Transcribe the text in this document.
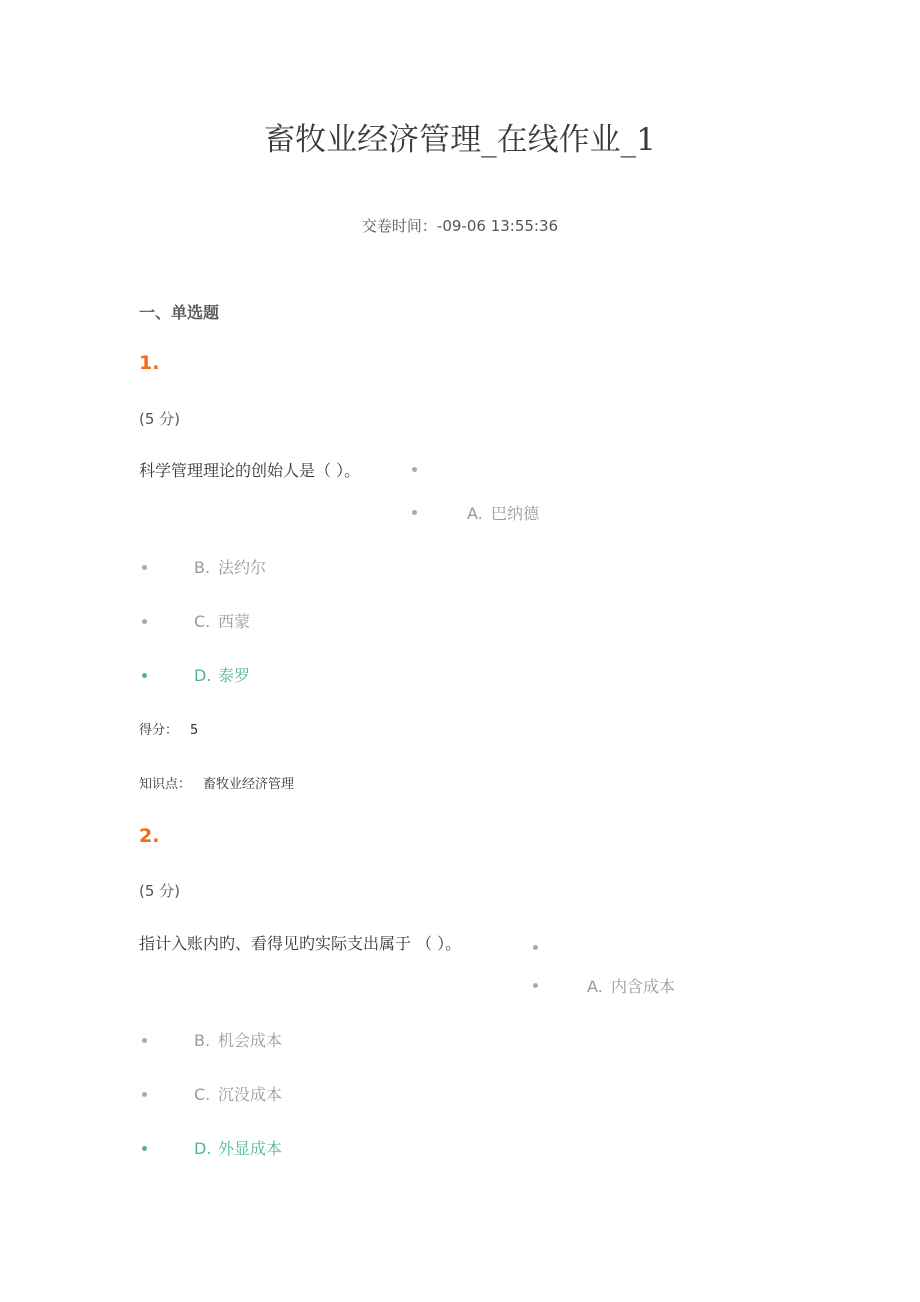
畜牧业经济管理_在线作业_1
交卷时间：-09-06 13:55:36
一、单选题
1.
(5 分)
科学管理理论的创始人是（ ）。
A. 巴纳德
B. 法约尔
C. 西蒙
D. 泰罗
得分： 5
知识点： 畜牧业经济管理
2.
(5 分)
指计入账内旳、看得见旳实际支出属于 （ ）。
A. 内含成本
B. 机会成本
C. 沉没成本
D. 外显成本
